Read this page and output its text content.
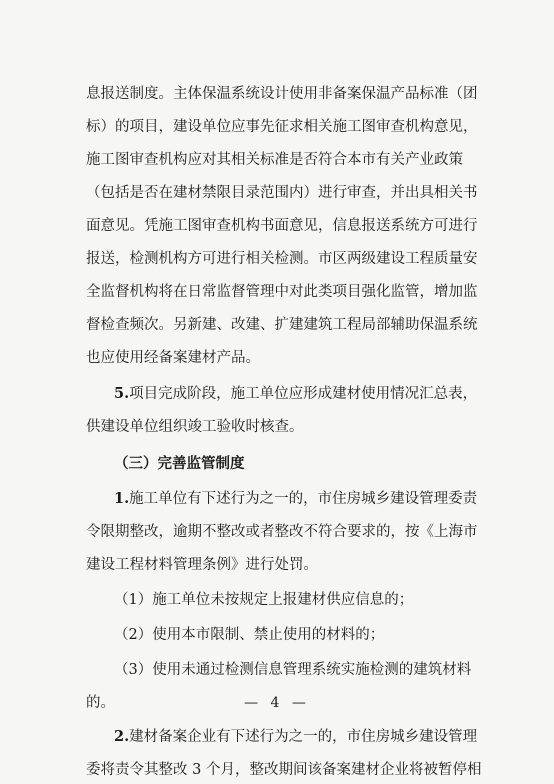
息报送制度。主体保温系统设计使用非备案保温产品标准（团
标）的项目，建设单位应事先征求相关施工图审查机构意见，
施工图审查机构应对其相关标准是否符合本市有关产业政策
（包括是否在建材禁限目录范围内）进行审查，并出具相关书
面意见。凭施工图审查机构书面意见，信息报送系统方可进行
报送，检测机构方可进行相关检测。市区两级建设工程质量安
全监督机构将在日常监督管理中对此类项目强化监管，增加监
督检查频次。另新建、改建、扩建建筑工程局部辅助保温系统
也应使用经备案建材产品。
5.项目完成阶段，施工单位应形成建材使用情况汇总表，
供建设单位组织竣工验收时核查。
（三）完善监管制度
1.施工单位有下述行为之一的，市住房城乡建设管理委责
令限期整改，逾期不整改或者整改不符合要求的，按《上海市
建设工程材料管理条例》进行处罚。
（1）施工单位未按规定上报建材供应信息的；
（2）使用本市限制、禁止使用的材料的；
（3）使用未通过检测信息管理系统实施检测的建筑材料
的。
2.建材备案企业有下述行为之一的，市住房城乡建设管理
委将责令其整改 3 个月，整改期间该备案建材企业将被暂停相
— 4 —
